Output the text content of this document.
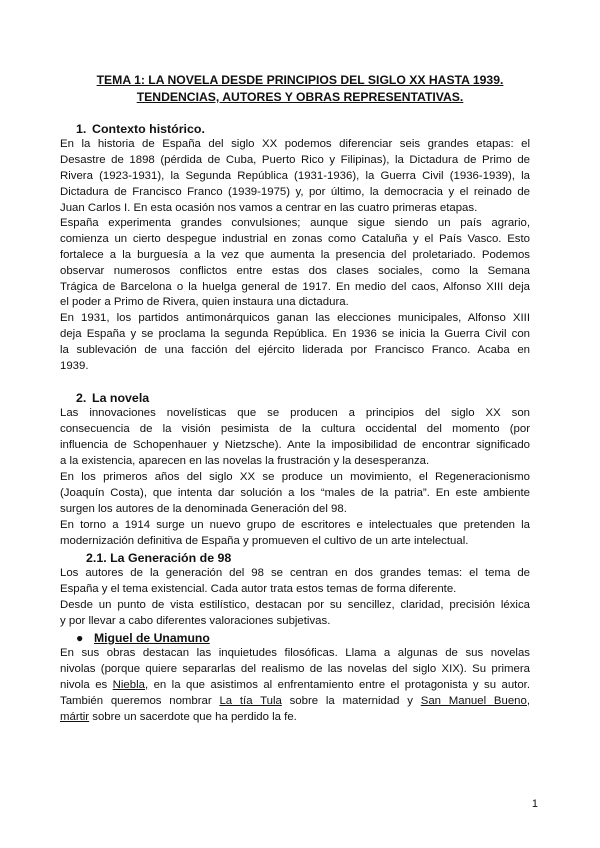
TEMA 1: LA NOVELA DESDE PRINCIPIOS DEL SIGLO XX HASTA 1939.
TENDENCIAS, AUTORES Y OBRAS REPRESENTATIVAS.
1. Contexto histórico.
En la historia de España del siglo XX podemos diferenciar seis grandes etapas: el
Desastre de 1898 (pérdida de Cuba, Puerto Rico y Filipinas), la Dictadura de Primo de
Rivera (1923-1931), la Segunda República (1931-1936), la Guerra Civil (1936-1939), la
Dictadura de Francisco Franco (1939-1975) y, por último, la democracia y el reinado de
Juan Carlos I. En esta ocasión nos vamos a centrar en las cuatro primeras etapas.
España experimenta grandes convulsiones; aunque sigue siendo un país agrario,
comienza un cierto despegue industrial en zonas como Cataluña y el País Vasco. Esto
fortalece a la burguesía a la vez que aumenta la presencia del proletariado. Podemos
observar numerosos conflictos entre estas dos clases sociales, como la Semana
Trágica de Barcelona o la huelga general de 1917. En medio del caos, Alfonso XIII deja
el poder a Primo de Rivera, quien instaura una dictadura.
En 1931, los partidos antimonárquicos ganan las elecciones municipales, Alfonso XIII
deja España y se proclama la segunda República. En 1936 se inicia la Guerra Civil con
la sublevación de una facción del ejército liderada por Francisco Franco. Acaba en
1939.
2. La novela
Las innovaciones novelísticas que se producen a principios del siglo XX son
consecuencia de la visión pesimista de la cultura occidental del momento (por
influencia de Schopenhauer y Nietzsche). Ante la imposibilidad de encontrar significado
a la existencia, aparecen en las novelas la frustración y la desesperanza.
En los primeros años del siglo XX se produce un movimiento, el Regeneracionismo
(Joaquín Costa), que intenta dar solución a los “males de la patria”. En este ambiente
surgen los autores de la denominada Generación del 98.
En torno a 1914 surge un nuevo grupo de escritores e intelectuales que pretenden la
modernización definitiva de España y promueven el cultivo de un arte intelectual.
2.1. La Generación de 98
Los autores de la generación del 98 se centran en dos grandes temas: el tema de
España y el tema existencial. Cada autor trata estos temas de forma diferente.
Desde un punto de vista estilístico, destacan por su sencillez, claridad, precisión léxica
y por llevar a cabo diferentes valoraciones subjetivas.
● Miguel de Unamuno
En sus obras destacan las inquietudes filosóficas. Llama a algunas de sus novelas
nivolas (porque quiere separarlas del realismo de las novelas del siglo XIX). Su primera
nivola es Niebla, en la que asistimos al enfrentamiento entre el protagonista y su autor.
También queremos nombrar La tía Tula sobre la maternidad y San Manuel Bueno,
mártir sobre un sacerdote que ha perdido la fe.
1
